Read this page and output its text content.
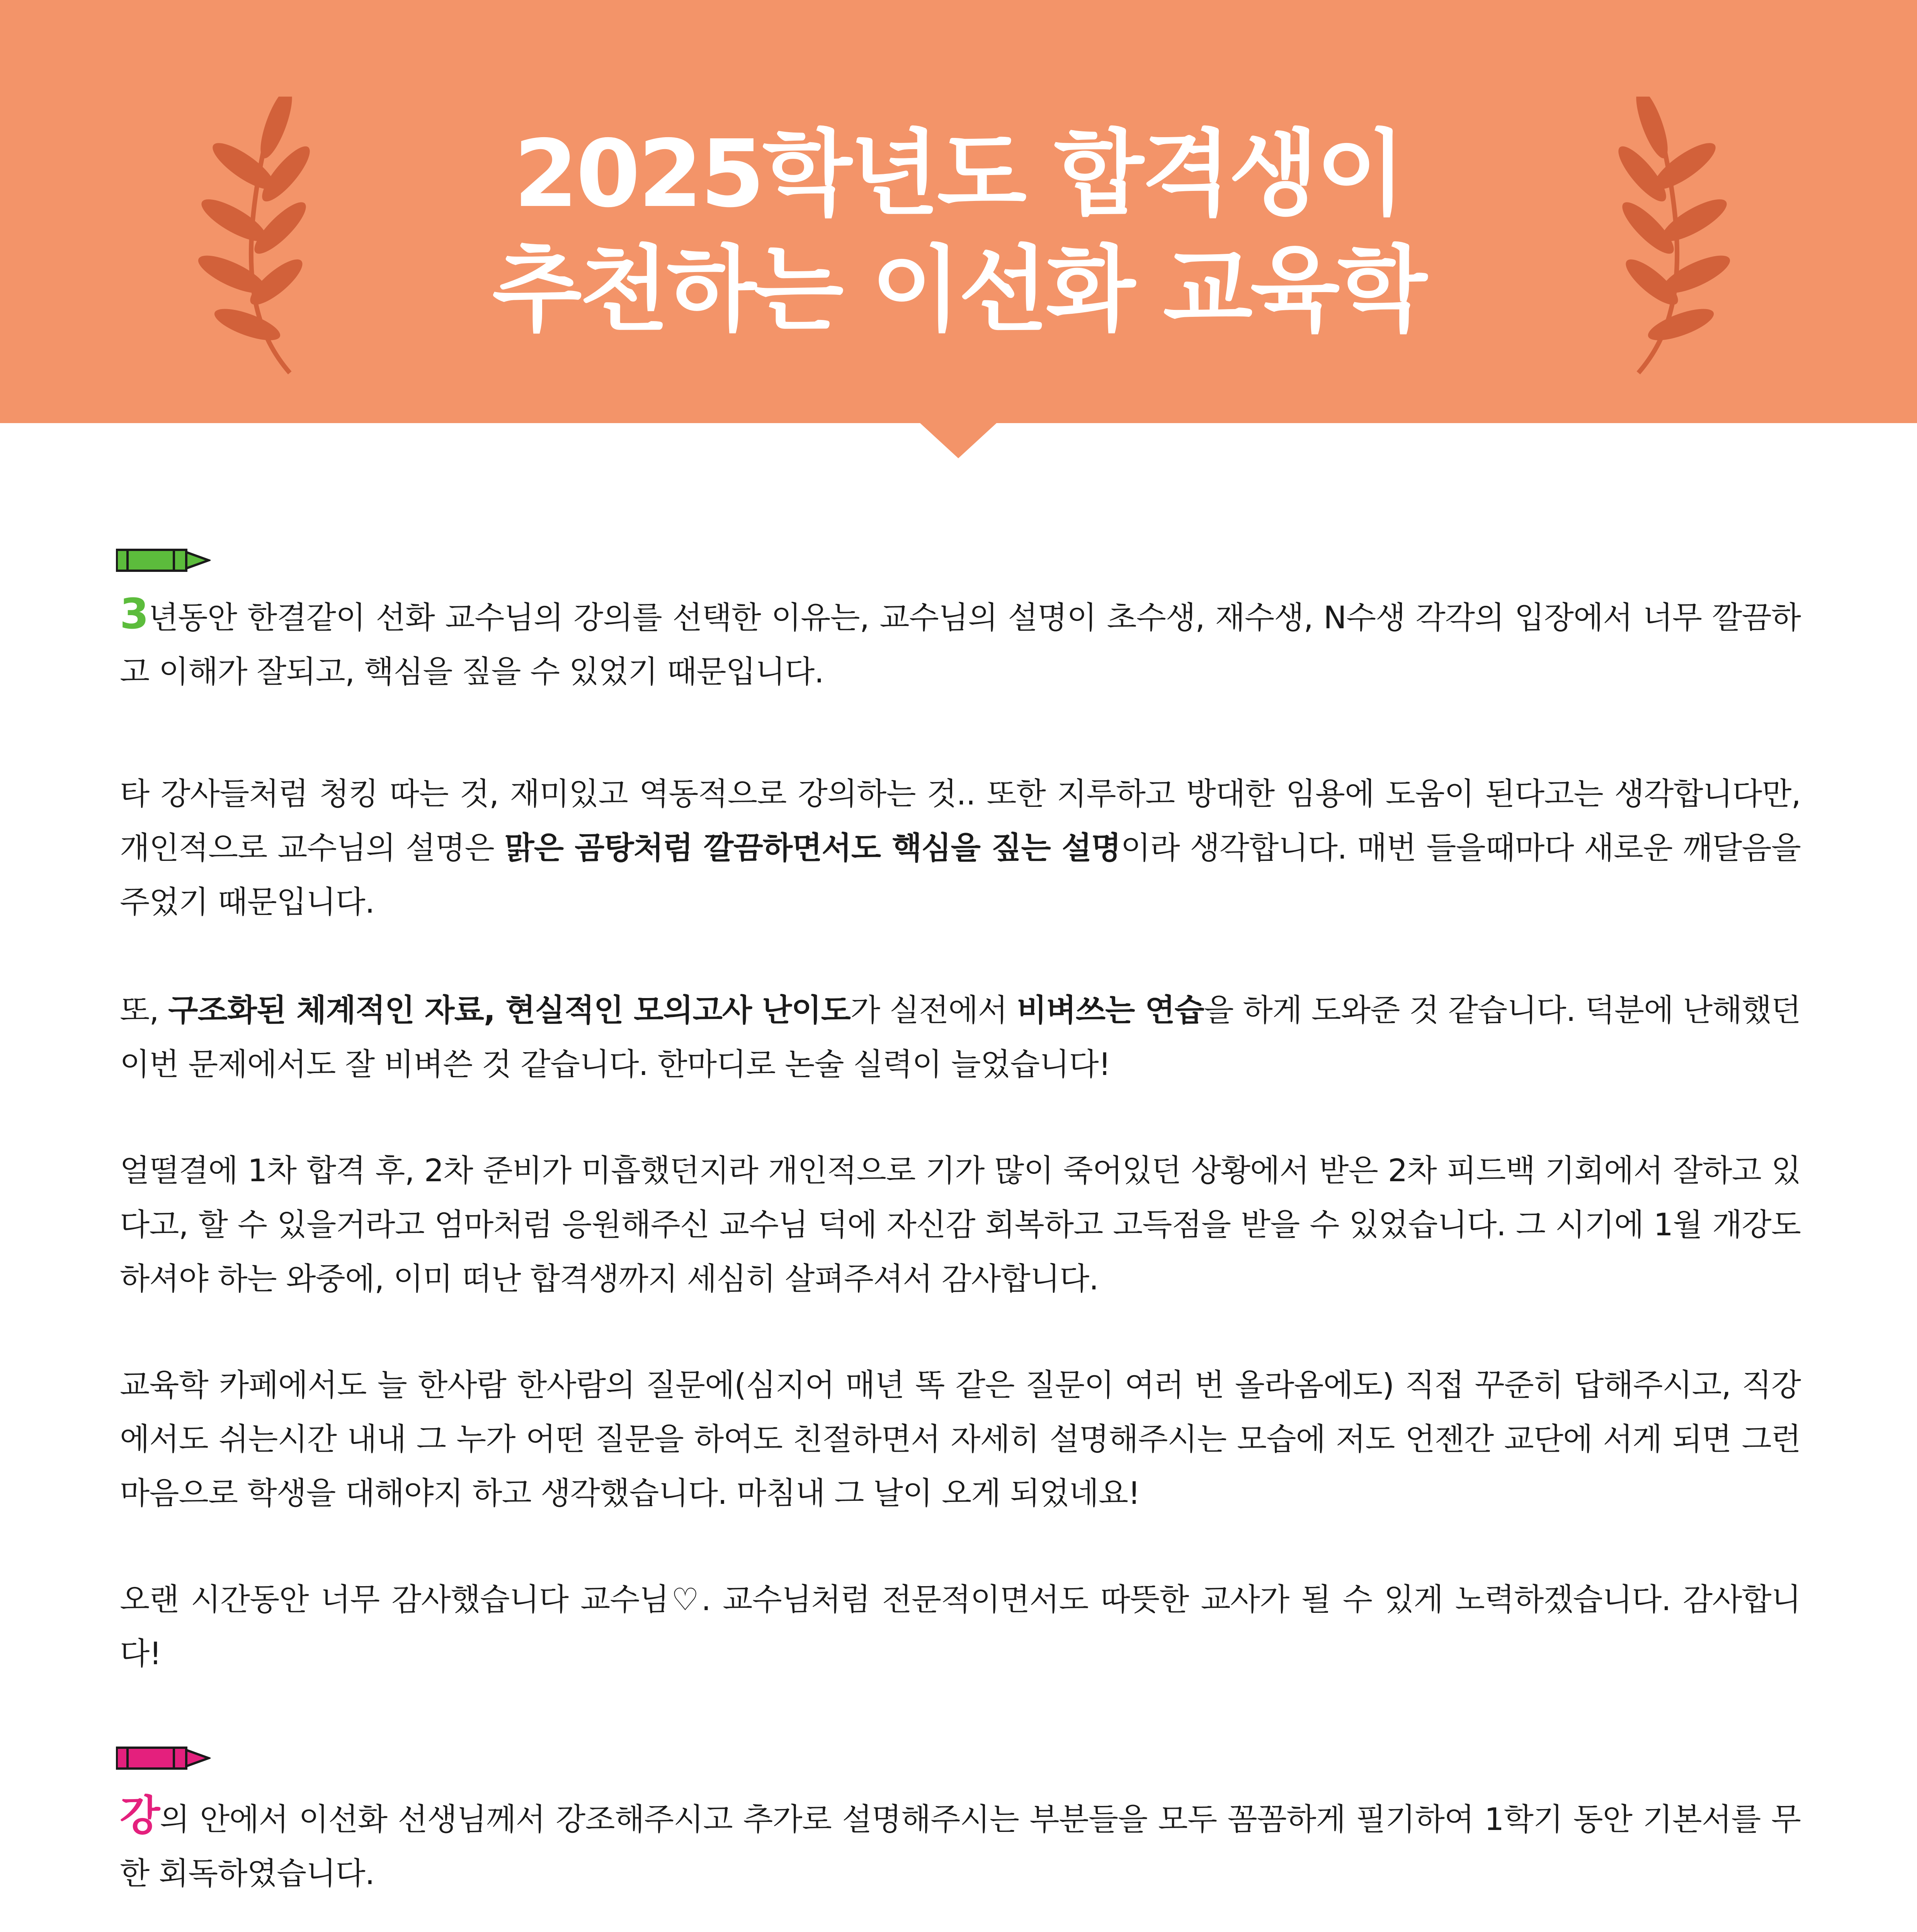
2025학년도 합격생이
추천하는 이선화 교육학
3년동안 한결같이 선화 교수님의 강의를 선택한 이유는, 교수님의 설명이 초수생, 재수생, N수생 각각의 입장에서 너무 깔끔하고 이해가 잘되고, 핵심을 짚을 수 있었기 때문입니다.
타 강사들처럼 청킹 따는 것, 재미있고 역동적으로 강의하는 것.. 또한 지루하고 방대한 임용에 도움이 된다고는 생각합니다만, 개인적으로 교수님의 설명은 맑은 곰탕처럼 깔끔하면서도 핵심을 짚는 설명이라 생각합니다. 매번 들을때마다 새로운 깨달음을 주었기 때문입니다.
또, 구조화된 체계적인 자료, 현실적인 모의고사 난이도가 실전에서 비벼쓰는 연습을 하게 도와준 것 같습니다. 덕분에 난해했던 이번 문제에서도 잘 비벼쓴 것 같습니다. 한마디로 논술 실력이 늘었습니다!
얼떨결에 1차 합격 후, 2차 준비가 미흡했던지라 개인적으로 기가 많이 죽어있던 상황에서 받은 2차 피드백 기회에서 잘하고 있다고, 할 수 있을거라고 엄마처럼 응원해주신 교수님 덕에 자신감 회복하고 고득점을 받을 수 있었습니다. 그 시기에 1월 개강도 하셔야 하는 와중에, 이미 떠난 합격생까지 세심히 살펴주셔서 감사합니다.
교육학 카페에서도 늘 한사람 한사람의 질문에(심지어 매년 똑 같은 질문이 여러 번 올라옴에도) 직접 꾸준히 답해주시고, 직강에서도 쉬는시간 내내 그 누가 어떤 질문을 하여도 친절하면서 자세히 설명해주시는 모습에 저도 언젠간 교단에 서게 되면 그런 마음으로 학생을 대해야지 하고 생각했습니다. 마침내 그 날이 오게 되었네요!
오랜 시간동안 너무 감사했습니다 교수님♡. 교수님처럼 전문적이면서도 따뜻한 교사가 될 수 있게 노력하겠습니다. 감사합니다!
강의 안에서 이선화 선생님께서 강조해주시고 추가로 설명해주시는 부분들을 모두 꼼꼼하게 필기하여 1학기 동안 기본서를 무한 회독하였습니다.
